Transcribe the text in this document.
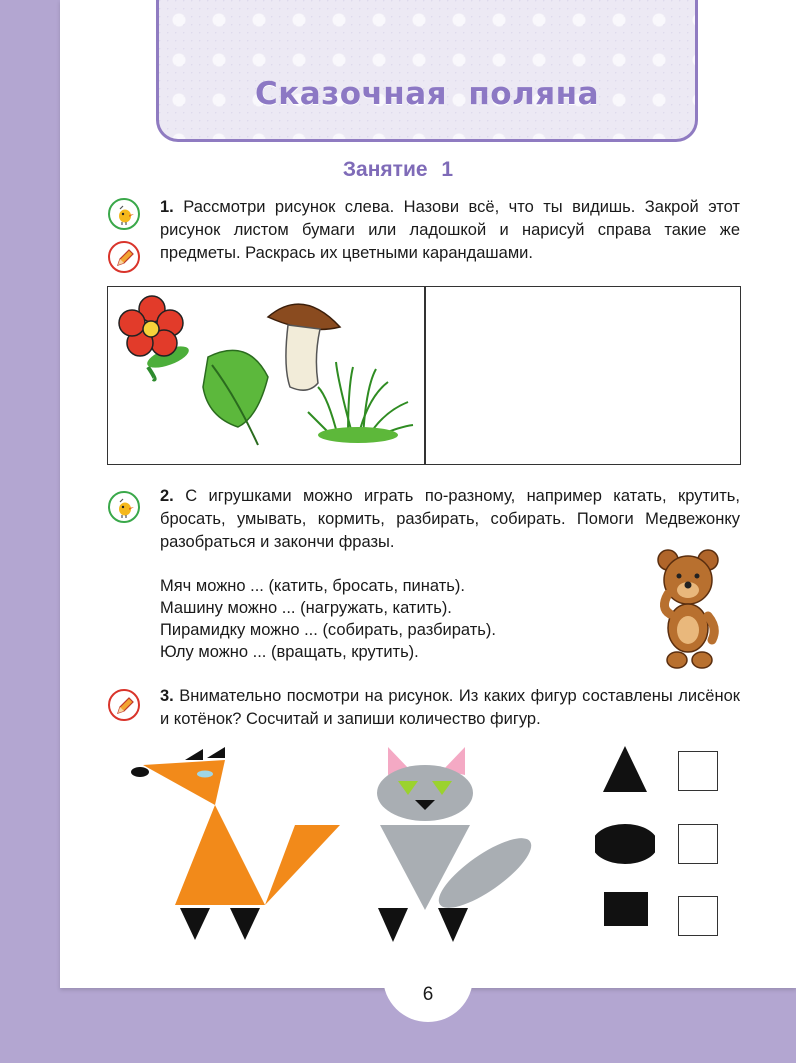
Сказочная поляна
Занятие 1
1. Рассмотри рисунок слева. Назови всё, что ты видишь. Закрой этот рисунок листом бумаги или ладошкой и нарисуй справа такие же предметы. Раскрась их цветными карандашами.
2. С игрушками можно играть по-разному, например катать, крутить, бросать, умывать, кормить, разбирать, собирать. Помоги Медвежонку разобраться и закончи фразы.
Мяч можно ... (катить, бросать, пинать).
Машину можно ... (нагружать, катить).
Пирамидку можно ... (собирать, разбирать).
Юлу можно ... (вращать, крутить).
3. Внимательно посмотри на рисунок. Из каких фигур составлены лисёнок и котёнок? Сосчитай и запиши количество фигур.
6
